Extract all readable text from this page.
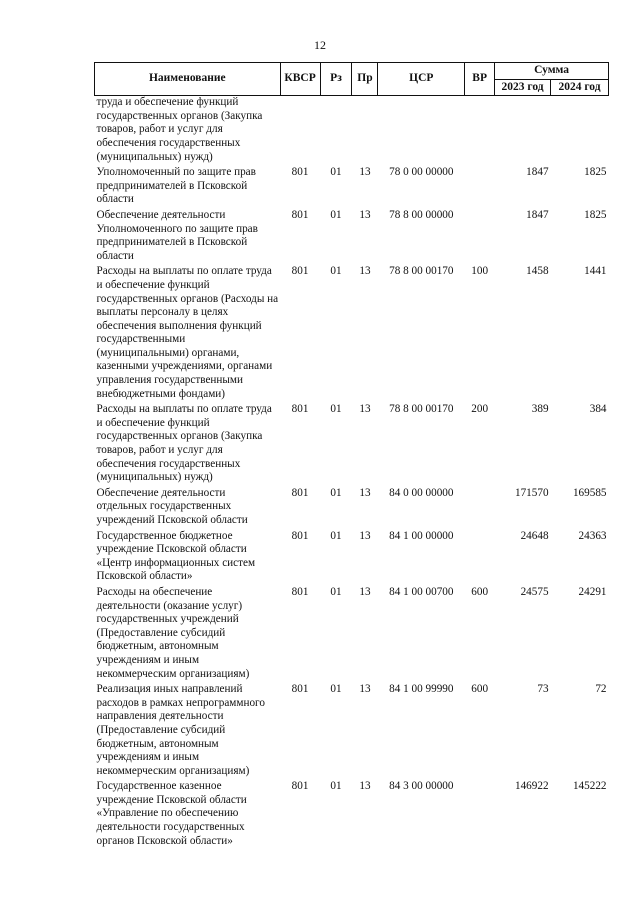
12
Наименование	КВСР	Рз	Пр	ЦСР	ВР	Сумма	
						2023 год	2024 год
труда и обеспечение функций государственных органов (Закупка товаров, работ и услуг для обеспечения государственных (муниципальных) нужд)							
Уполномоченный по защите прав предпринимателей в Псковской области	801	01	13	78 0 00 00000		1847	1825
Обеспечение деятельности Уполномоченного по защите прав предпринимателей в Псковской области	801	01	13	78 8 00 00000		1847	1825
Расходы на выплаты по оплате труда и обеспечение функций государственных органов (Расходы на выплаты персоналу в целях обеспечения выполнения функций государственными (муниципальными) органами, казенными учреждениями, органами управления государственными внебюджетными фондами)	801	01	13	78 8 00 00170	100	1458	1441
Расходы на выплаты по оплате труда и обеспечение функций государственных органов (Закупка товаров, работ и услуг для обеспечения государственных (муниципальных) нужд)	801	01	13	78 8 00 00170	200	389	384
Обеспечение деятельности отдельных государственных учреждений Псковской области	801	01	13	84 0 00 00000		171570	169585
Государственное бюджетное учреждение Псковской области «Центр информационных систем Псковской области»	801	01	13	84 1 00 00000		24648	24363
Расходы на обеспечение деятельности (оказание услуг) государственных учреждений (Предоставление субсидий бюджетным, автономным учреждениям и иным некоммерческим организациям)	801	01	13	84 1 00 00700	600	24575	24291
Реализация иных направлений расходов в рамках непрограммного направления деятельности (Предоставление субсидий бюджетным, автономным учреждениям и иным некоммерческим организациям)	801	01	13	84 1 00 99990	600	73	72
Государственное казенное учреждение Псковской области «Управление по обеспечению деятельности государственных органов Псковской области»	801	01	13	84 3 00 00000		146922	145222
